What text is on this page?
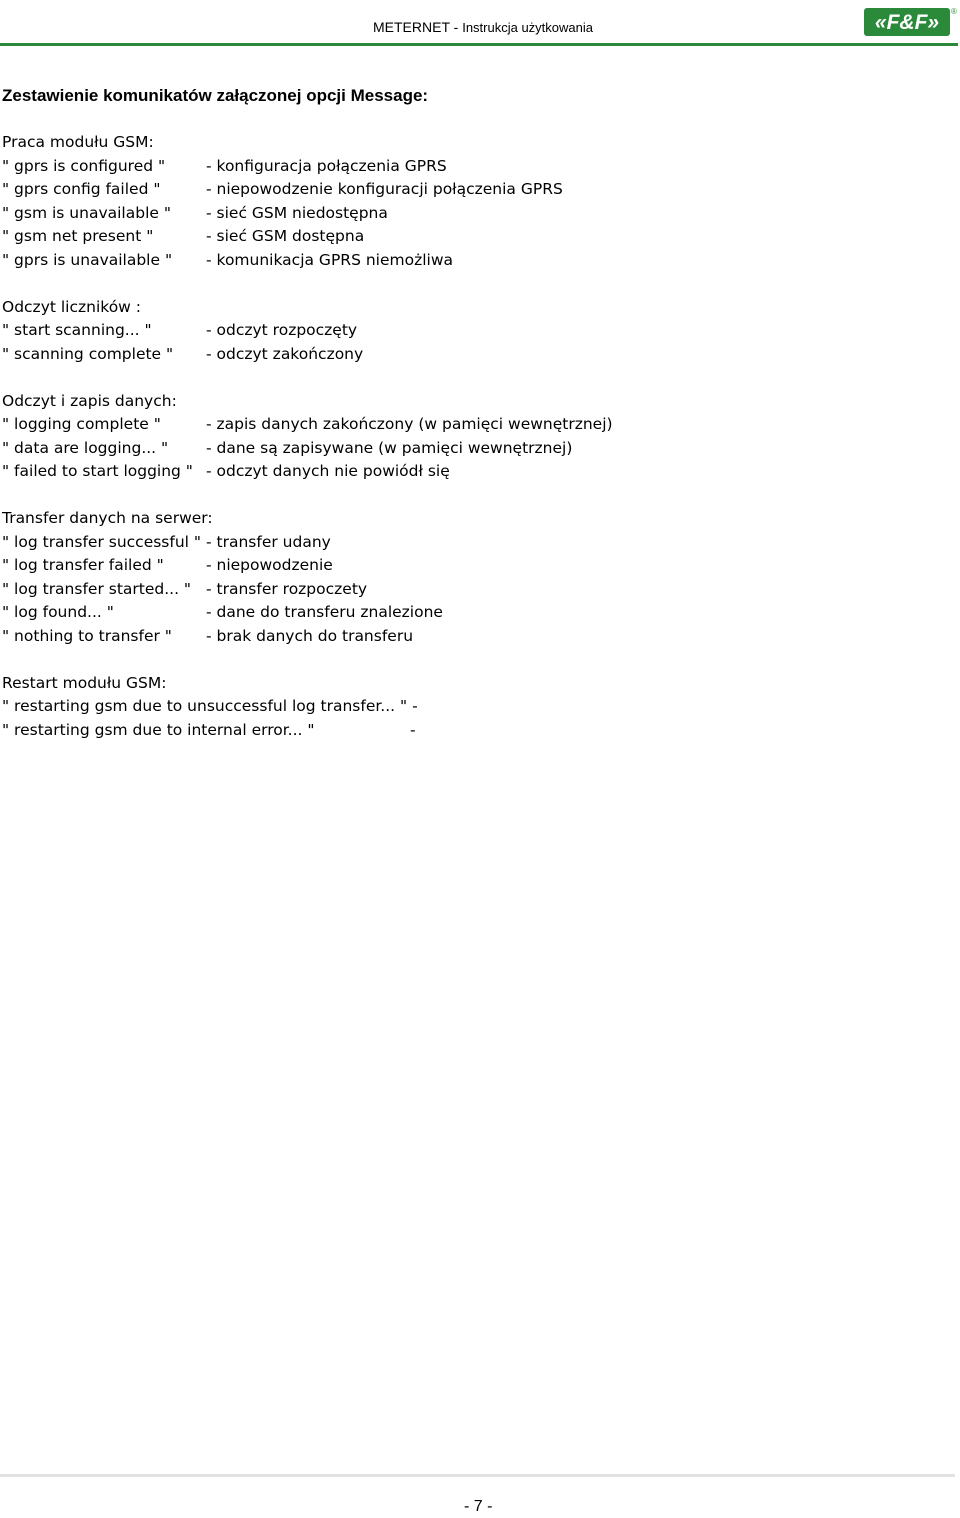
METERNET - Instrukcja użytkowania	«F&F» ®
Zestawienie komunikatów załączonej opcji Message:
Praca modułu GSM:
" gprs is configured "	- konfiguracja połączenia GPRS
" gprs config failed "	- niepowodzenie konfiguracji połączenia GPRS
" gsm is unavailable " - sieć GSM niedostępna
" gsm net present "	- sieć GSM dostępna
" gprs is unavailable " - komunikacja GPRS niemożliwa
Odczyt liczników :
" start scanning... "	- odczyt rozpoczęty
" scanning complete " - odczyt zakończony
Odczyt i zapis danych:
" logging complete "	- zapis danych zakończony (w pamięci wewnętrznej)
" data are logging... " - dane są zapisywane (w pamięci wewnętrznej)
" failed to start logging " - odczyt danych nie powiódł się
Transfer danych na serwer:
" log transfer successful " - transfer udany
" log transfer failed "	- niepowodzenie
" log transfer started... " - transfer rozpoczety
" log found... "	- dane do transferu znalezione
" nothing to transfer " - brak danych do transferu
Restart modułu GSM:
" restarting gsm due to unsuccessful log transfer... " -
" restarting gsm due to internal error... "	-
- 7 -
